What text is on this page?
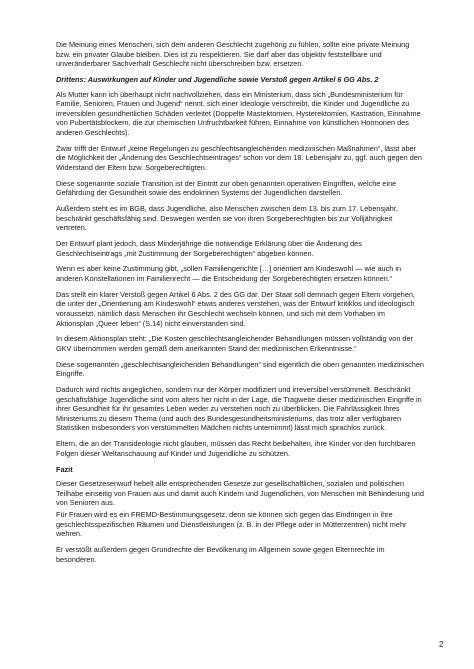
Die Meinung eines Menschen, sich dem anderen Geschlecht zugehörig zu fühlen, sollte eine private Meinung bzw. ein privater Glaube bleiben. Dies ist zu respektieren. Sie darf aber das objektiv feststellbare und unveränderbarer Sachverhalt Geschlecht nicht überschreiben bzw. ersetzen.

Drittens: Auswirkungen auf Kinder und Jugendliche sowie Verstoß gegen Artikel 6 GG Abs. 2

Als Mutter kann ich überhaupt nicht nachvollziehen, dass ein Ministerium, dass sich „Bundesministerium für Familie, Senioren, Frauen und Jugend“ nennt, sich einer Ideologie verschreibt, die Kinder und Jugendliche zu irreversiblen gesundheitlichen Schäden verleitet (Doppelte Mastektomien, Hysterektomien, Kastration, Einnahme von Pubertätsblockern, die zur chemischen Unfruchtbarkeit führen, Einnahme von künstlichen Hormonen des anderen Geschlechts).

Zwar trifft der Entwurf „keine Regelungen zu geschlechtsangleichenden medizinischen Maßnahmen“, lässt aber die Möglichkeit der „Änderung des Geschlechtseintrages“ schon vor dem 18. Lebensjahr zu, ggf. auch gegen den Widerstand der Eltern bzw. Sorgeberechtigten.

Diese sogenannte soziale Transition ist der Eintritt zur oben genannten operativen Eingriffen, welche eine Gefährdung der Gesundheit sowie des endokrinen Systems der Jugendlichen darstellen.

Außerdem steht es im BGB, dass Jugendliche, also Menschen zwischen dem 13. bis zum 17. Lebensjahr, beschränkt geschäftsfähig sind. Deswegen werden sie von ihren Sorgeberechtigten bis zur Volljährigkeit vertreten.

Der Entwurf plant jedoch, dass Minderjährige die notwendige Erklärung über die Änderung des Geschlechtseintrags „mit Zustimmung der Sorgeberechtigten“ abgeben können.

Wenn es aber keine Zustimmung gibt, „sollen Familiengerichte […] orientiert am Kindeswohl — wie auch in anderen Konstellationen im Familienrecht — die Entscheidung der Sorgeberechtigten ersetzen können.“

Das stellt ein klarer Verstoß gegen Artikel 6 Abs. 2 des GG dar. Der Staat soll demnach gegen Eltern vorgehen, die unter der „Orientierung am Kindeswohl“ etwas anderes verstehen, was der Entwurf kritiklos und ideologisch voraussetzt, nämlich dass Menschen ihr Geschlecht wechseln können, und sich mit dem Vorhaben im Aktionsplan „Queer leben“ (S.14) nicht einverstanden sind.

In diesem Aktionsplan steht: „Die Kosten geschlechtsangleichender Behandlungen müssen vollständig von der GKV übernommen werden gemäß dem anerkannten Stand der medizinischen Erkenntnisse.“

Diese sogenannten „geschlechtsangleichenden Behandlungen“ sind eigentlich die oben genannten medizinischen Eingriffe.

Dadurch wird nichts angeglichen, sondern nur der Körper modifiziert und irreversibel verstümmelt. Beschränkt geschäftsfähige Jugendliche sind vom alters her nicht in der Lage, die Tragweite dieser medizinischen Eingriffe in ihrer Gesundheit für ihr gesamtes Leben weder zu verstehen noch zu überblicken. Die Fahrlässigkeit Ihres Ministeriums zu diesem Thema (und auch des Bundesgesundheitsministeriums, das trotz aller verfügbaren Statistiken insbesonders von verstümmelten Mädchen nichts unternimmt) lässt mich sprachlos zurück.

Eltern, die an der Transideologie nicht glauben, müssen das Recht beibehalten, ihre Kinder vor den furchtbaren Folgen dieser Weltanschauung auf Kinder und Jugendliche zu schützen.

Fazit

Dieser Gesetzesenwurf hebelt alle entsprechenden Gesetze zur gesellschaftlichen, sozialen und politischen Teilhabe einseitig von Frauen aus und damit auch Kindern und Jugendlichen, von Menschen mit Behinderung und von Senioren aus.

Für Frauen wird es ein FREMD-Bestimmungsgesetz, denn sie können sich gegen das Eindringen in ihre geschlechtsspezifischen Räumen und Dienstleistungen (z. B. in der Pflege oder in Mütterzentren) nicht mehr wehren.

Er verstößt außerdem gegen Grundrechte der Bevölkerung im Allgemein sowie gegen Elternrechte im besonderen.

2
